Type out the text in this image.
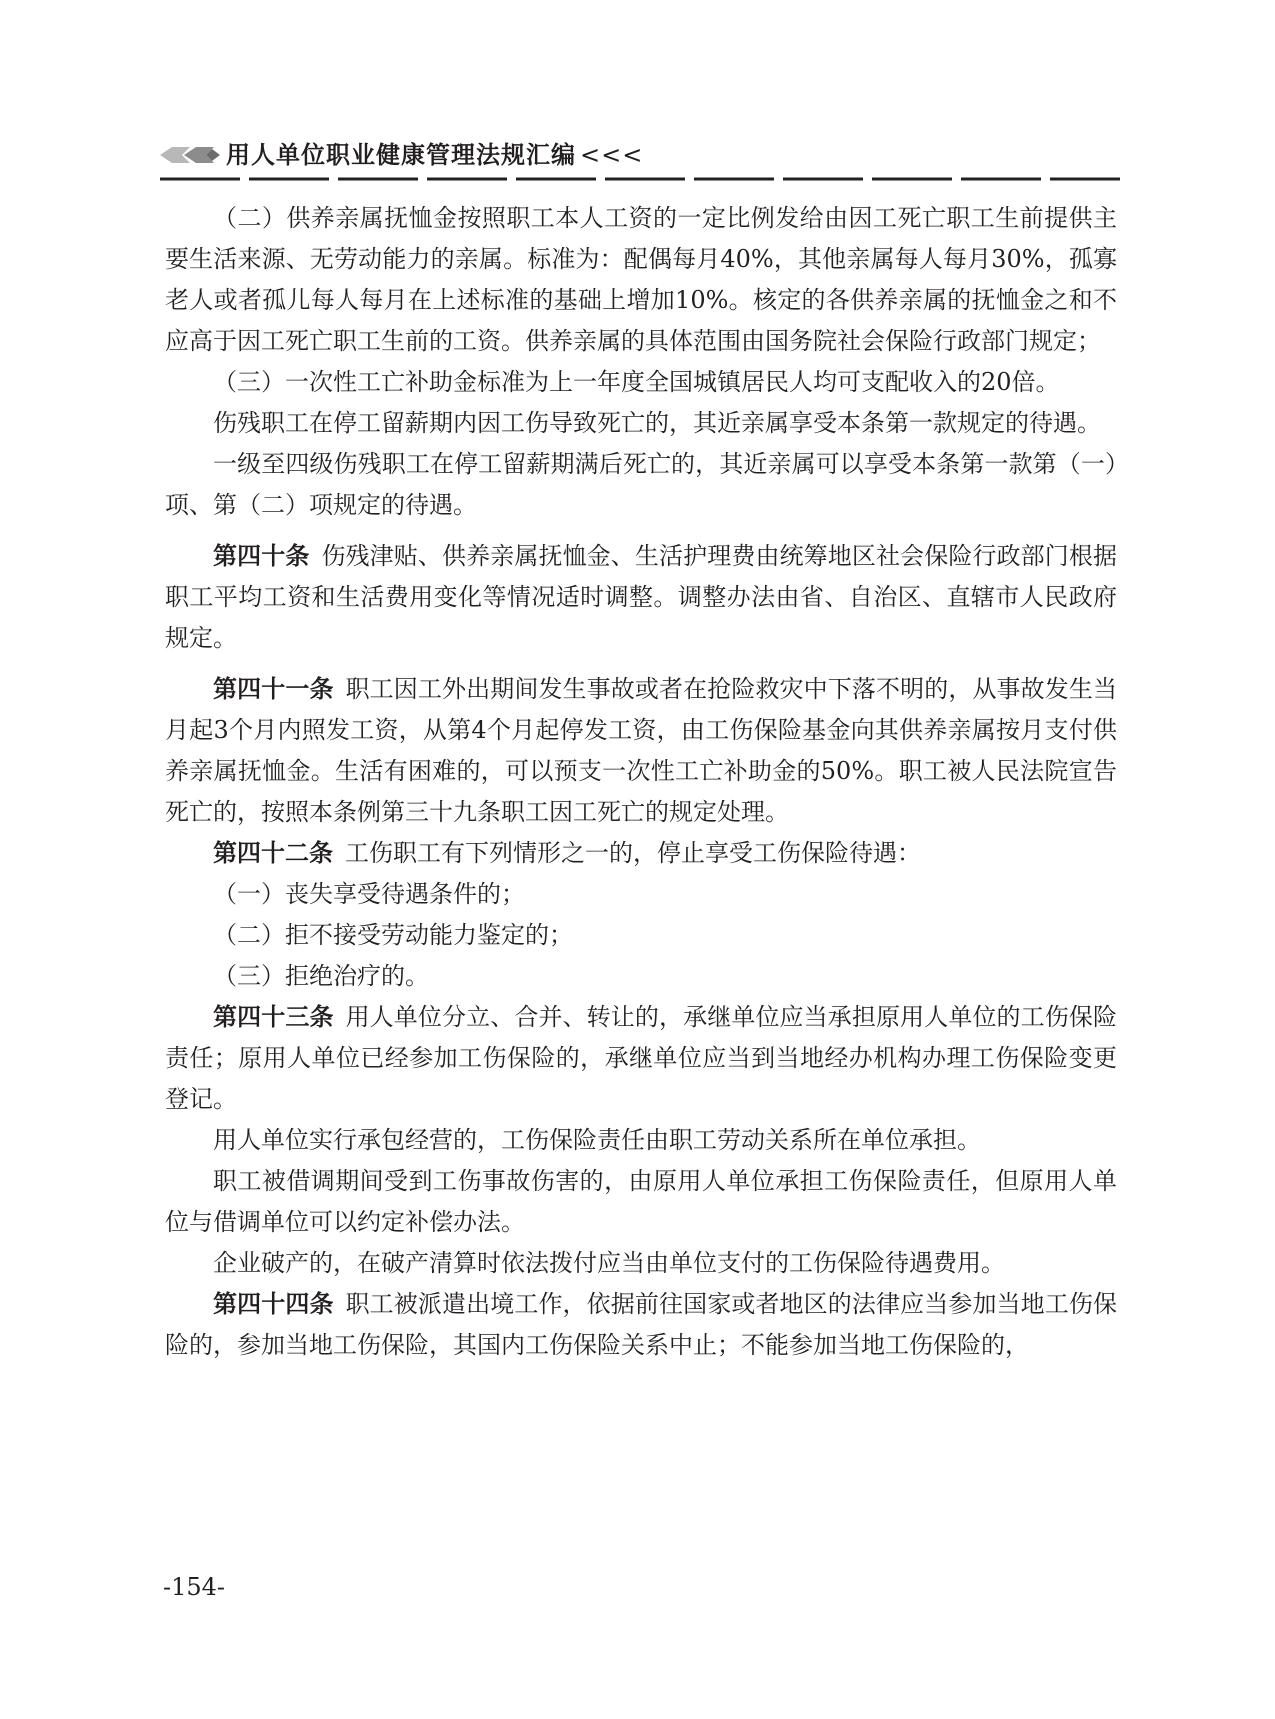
用人单位职业健康管理法规汇编 <<<

（二）供养亲属抚恤金按照职工本人工资的一定比例发给由因工死亡职工生前提供主要生活来源、无劳动能力的亲属。标准为：配偶每月40%，其他亲属每人每月30%，孤寡老人或者孤儿每人每月在上述标准的基础上增加10%。核定的各供养亲属的抚恤金之和不应高于因工死亡职工生前的工资。供养亲属的具体范围由国务院社会保险行政部门规定；

（三）一次性工亡补助金标准为上一年度全国城镇居民人均可支配收入的20倍。

伤残职工在停工留薪期内因工伤导致死亡的，其近亲属享受本条第一款规定的待遇。

一级至四级伤残职工在停工留薪期满后死亡的，其近亲属可以享受本条第一款第（一）项、第（二）项规定的待遇。

第四十条 伤残津贴、供养亲属抚恤金、生活护理费由统筹地区社会保险行政部门根据职工平均工资和生活费用变化等情况适时调整。调整办法由省、自治区、直辖市人民政府规定。

第四十一条 职工因工外出期间发生事故或者在抢险救灾中下落不明的，从事故发生当月起3个月内照发工资，从第4个月起停发工资，由工伤保险基金向其供养亲属按月支付供养亲属抚恤金。生活有困难的，可以预支一次性工亡补助金的50%。职工被人民法院宣告死亡的，按照本条例第三十九条职工因工死亡的规定处理。

第四十二条 工伤职工有下列情形之一的，停止享受工伤保险待遇：

（一）丧失享受待遇条件的；

（二）拒不接受劳动能力鉴定的；

（三）拒绝治疗的。

第四十三条 用人单位分立、合并、转让的，承继单位应当承担原用人单位的工伤保险责任；原用人单位已经参加工伤保险的，承继单位应当到当地经办机构办理工伤保险变更登记。

用人单位实行承包经营的，工伤保险责任由职工劳动关系所在单位承担。

职工被借调期间受到工伤事故伤害的，由原用人单位承担工伤保险责任，但原用人单位与借调单位可以约定补偿办法。

企业破产的，在破产清算时依法拨付应当由单位支付的工伤保险待遇费用。

第四十四条 职工被派遣出境工作，依据前往国家或者地区的法律应当参加当地工伤保险的，参加当地工伤保险，其国内工伤保险关系中止；不能参加当地工伤保险的，

-154-
